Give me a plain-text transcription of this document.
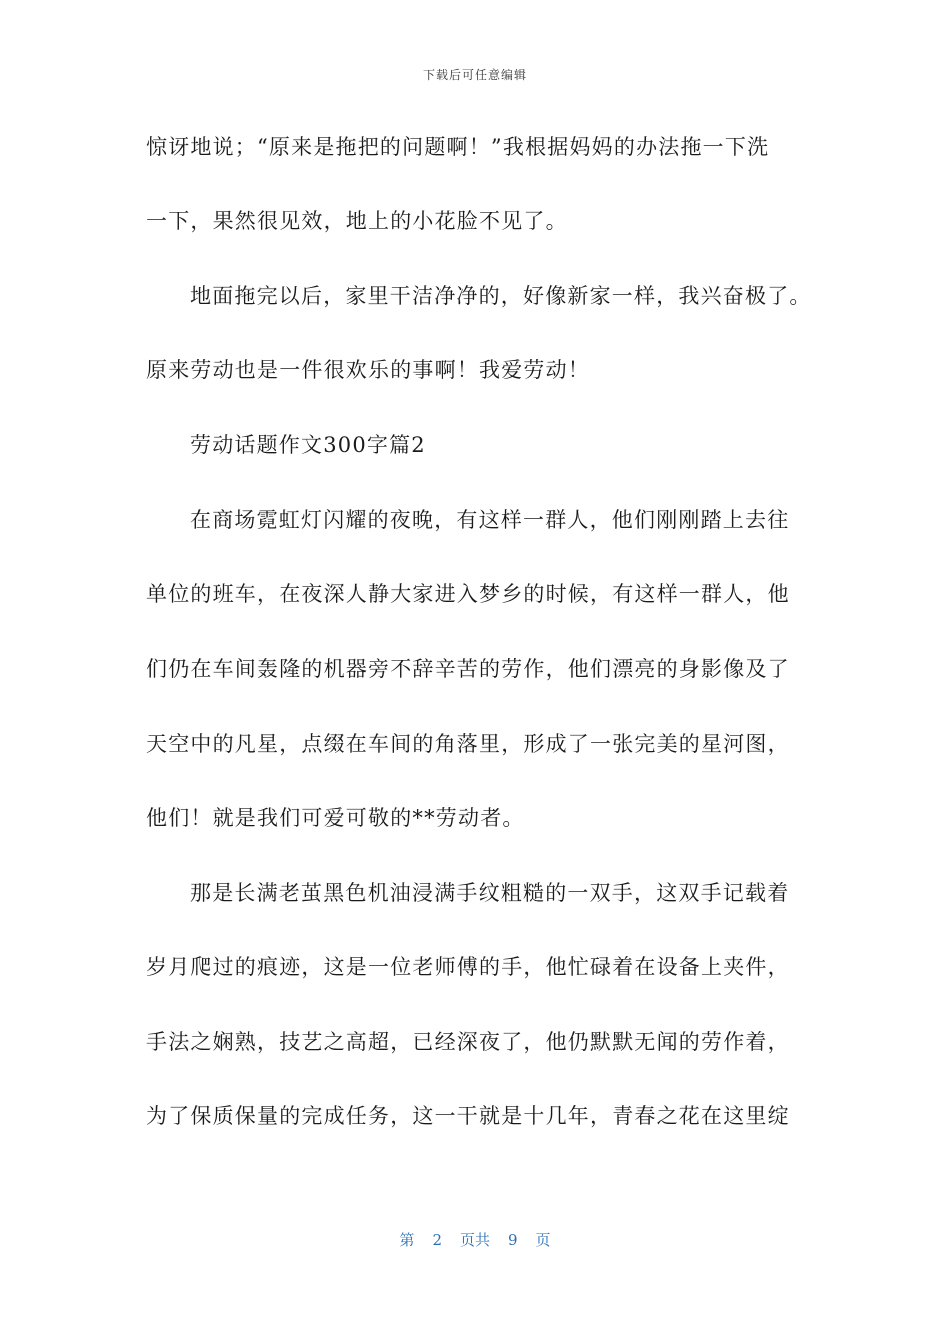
下载后可任意编辑
惊讶地说；“原来是拖把的问题啊！”我根据妈妈的办法拖一下洗
一下，果然很见效，地上的小花脸不见了。
地面拖完以后，家里干洁净净的，好像新家一样，我兴奋极了。
原来劳动也是一件很欢乐的事啊！我爱劳动！
劳动话题作文300字篇2
在商场霓虹灯闪耀的夜晚，有这样一群人，他们刚刚踏上去往
单位的班车，在夜深人静大家进入梦乡的时候，有这样一群人，他
们仍在车间轰隆的机器旁不辞辛苦的劳作，他们漂亮的身影像及了
天空中的凡星，点缀在车间的角落里，形成了一张完美的星河图，
他们！就是我们可爱可敬的**劳动者。
那是长满老茧黑色机油浸满手纹粗糙的一双手，这双手记载着
岁月爬过的痕迹，这是一位老师傅的手，他忙碌着在设备上夹件，
手法之娴熟，技艺之高超，已经深夜了，他仍默默无闻的劳作着，
为了保质保量的完成任务，这一干就是十几年，青春之花在这里绽
第 2 页共 9 页
